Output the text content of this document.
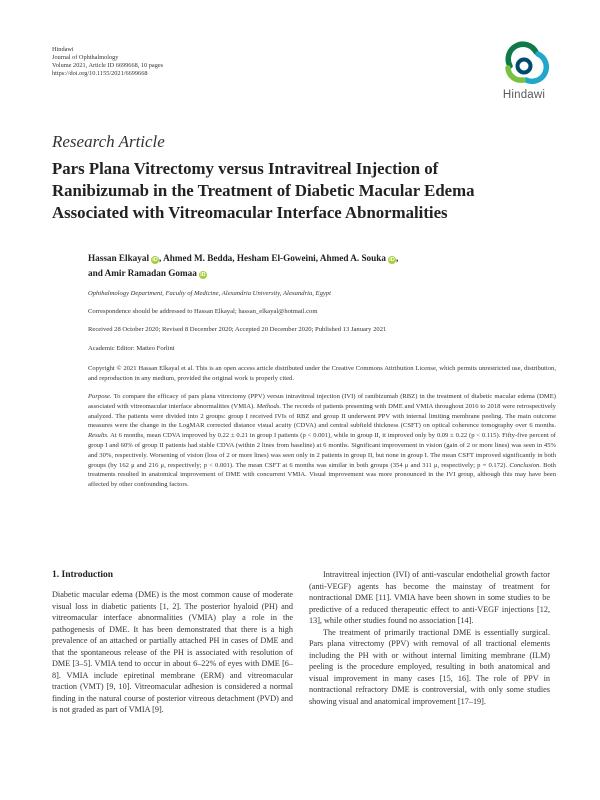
Hindawi
Journal of Ophthalmology
Volume 2021, Article ID 6699668, 10 pages
https://doi.org/10.1155/2021/6699668
Hindawi
Research Article
Pars Plana Vitrectomy versus Intravitreal Injection of Ranibizumab in the Treatment of Diabetic Macular Edema Associated with Vitreomacular Interface Abnormalities
Hassan Elkayal iD, Ahmed M. Bedda, Hesham El-Goweini, Ahmed A. Souka iD,
and Amir Ramadan Gomaa iD
Ophthalmology Department, Faculty of Medicine, Alexandria University, Alexandria, Egypt
Correspondence should be addressed to Hassan Elkayal; hassan_elkayal@hotmail.com
Received 28 October 2020; Revised 8 December 2020; Accepted 20 December 2020; Published 13 January 2021
Academic Editor: Matteo Forlini
Copyright © 2021 Hassan Elkayal et al. This is an open access article distributed under the Creative Commons Attribution License, which permits unrestricted use, distribution, and reproduction in any medium, provided the original work is properly cited.
Purpose. To compare the efficacy of pars plana vitrectomy (PPV) versus intravitreal injection (IVI) of ranibizumab (RBZ) in the treatment of diabetic macular edema (DME) associated with vitreomacular interface abnormalities (VMIA). Methods. The records of patients presenting with DME and VMIA throughout 2016 to 2018 were retrospectively analyzed. The patients were divided into 2 groups: group I received IVIs of RBZ and group II underwent PPV with internal limiting membrane peeling. The main outcome measures were the change in the LogMAR corrected distance visual acuity (CDVA) and central subfield thickness (CSFT) on optical coherence tomography over 6 months. Results. At 6 months, mean CDVA improved by 0.22 ± 0.21 in group I patients (p < 0.001), while in group II, it improved only by 0.09 ± 0.22 (p < 0.115). Fifty-five percent of group I and 60% of group II patients had stable CDVA (within 2 lines from baseline) at 6 months. Significant improvement in vision (gain of 2 or more lines) was seen in 45% and 30%, respectively. Worsening of vision (loss of 2 or more lines) was seen only in 2 patients in group II, but none in group I. The mean CSFT improved significantly in both groups (by 162 μ and 216 μ, respectively; p < 0.001). The mean CSFT at 6 months was similar in both groups (354 μ and 311 μ, respectively; p = 0.172). Conclusion. Both treatments resulted in anatomical improvement of DME with concurrent VMIA. Visual improvement was more pronounced in the IVI group, although this may have been affected by other confounding factors.
1. Introduction

Diabetic macular edema (DME) is the most common cause of moderate visual loss in diabetic patients [1, 2]. The posterior hyaloid (PH) and vitreomacular interface abnormalities (VMIA) play a role in the pathogenesis of DME. It has been demonstrated that there is a high prevalence of an attached or partially attached PH in cases of DME and that the spontaneous release of the PH is associated with resolution of DME [3–5]. VMIA tend to occur in about 6–22% of eyes with DME [6–8]. VMIA include epiretinal membrane (ERM) and vitreomacular traction (VMT) [9, 10]. Vitreomacular adhesion is considered a normal finding in the natural course of posterior vitreous detachment (PVD) and is not graded as part of VMIA [9].

Intravitreal injection (IVI) of anti-vascular endothelial growth factor (anti-VEGF) agents has become the mainstay of treatment for nontractional DME [11]. VMIA have been shown in some studies to be predictive of a reduced therapeutic effect to anti-VEGF injections [12, 13], while other studies found no association [14].

The treatment of primarily tractional DME is essentially surgical. Pars plana vitrectomy (PPV) with removal of all tractional elements including the PH with or without internal limiting membrane (ILM) peeling is the procedure employed, resulting in both anatomical and visual improvement in many cases [15, 16]. The role of PPV in nontractional refractory DME is controversial, with only some studies showing visual and anatomical improvement [17–19].
